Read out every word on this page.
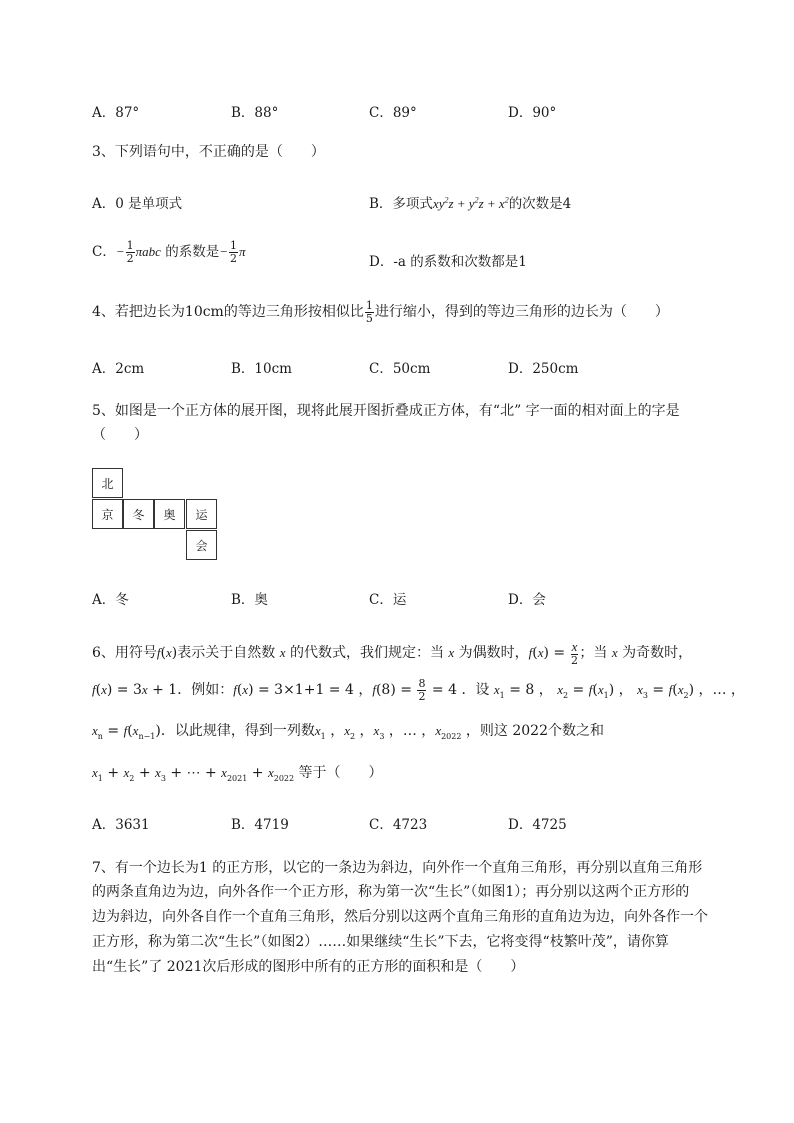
A．87°	B．88°	C．89°	D．90°
3、下列语句中，不正确的是（　　）
A．0 是单项式	B．多项式$xy^2z + y^2z + x^2$的次数是4
C．− $\frac{1}{2}$ πabc 的系数是− $\frac{1}{2}$ π
D．-a 的系数和次数都是1
4、若把边长为10cm的等边三角形按相似比 $\frac{1}{5}$ 进行缩小，得到的等边三角形的边长为（　　）
A．2cm	B．10cm	C．50cm	D．250cm
5、如图是一个正方体的展开图，现将此展开图折叠成正方体，有“北” 字一面的相对面上的字是
（　　）
北
京	冬	奥	运
会
A．冬	B．奥	C．运	D．会
6、用符号f(x)表示关于自然数 x 的代数式，我们规定：当 x 为偶数时，$f(x) = \frac{x}{2}$ ；当 x 为奇数时，
f(x) = 3x + 1．例如：f(x) = 3×1+1 = 4 ，$f(8) = \frac{8}{2} = 4$ ．设 $x_1 = 8$ ， $x_2 = f(x_1)$ ， $x_3 = f(x_2)$ ，… ，
$x_n = f(x_{n-1})$．以此规律，得到一列数$x_1$ ，$x_2$ ，$x_3$ ，… ，$x_{2022}$ ，则这 2022个数之和
$x_1 + x_2 + x_3$ + ⋯ + $x_{2021} + x_{2022}$ 等于（　　）
A．3631	B．4719	C．4723	D．4725
7、有一个边长为1 的正方形，以它的一条边为斜边，向外作一个直角三角形，再分别以直角三角形
的两条直角边为边，向外各作一个正方形，称为第一次“生长”（如图1）；再分别以这两个正方形的
边为斜边，向外各自作一个直角三角形，然后分别以这两个直角三角形的直角边为边，向外各作一个
正方形，称为第二次“生长”（如图2）……如果继续“生长”下去，它将变得“枝繁叶茂”，请你算
出“生长”了 2021次后形成的图形中所有的正方形的面积和是（　　）
